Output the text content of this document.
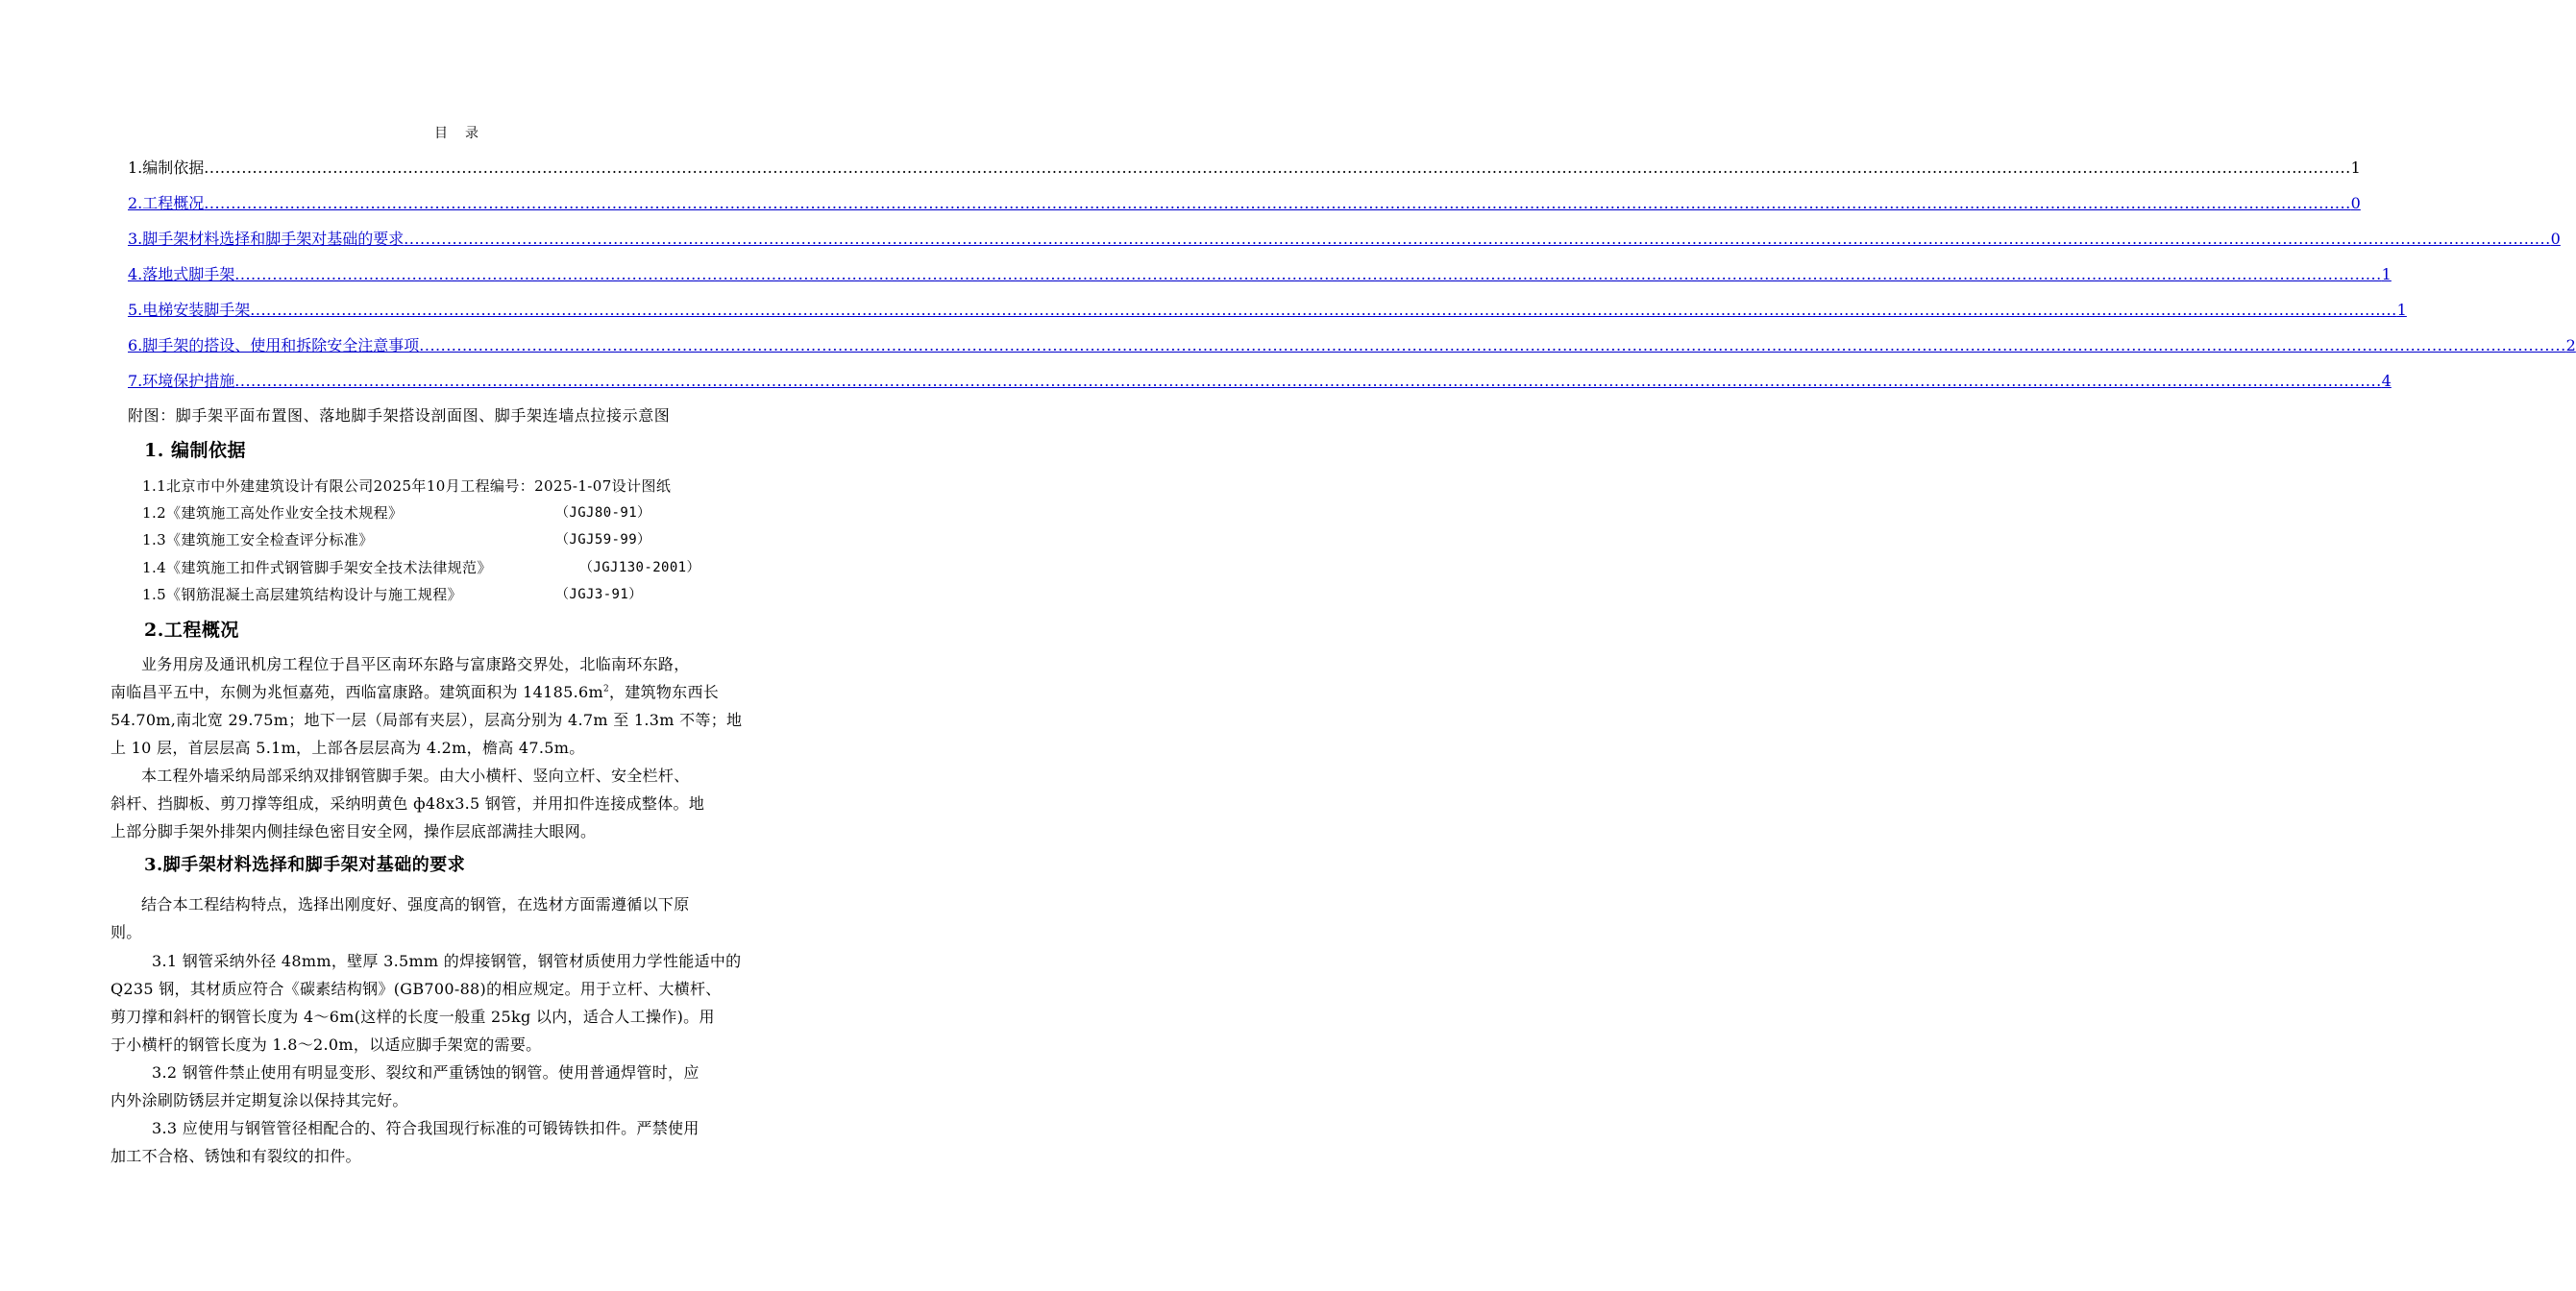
目录
1.编制依据 ................................................................................................................................................................................................................................................................................................................................................................................................................ 1
2.工程概况 ................................................................................................................................................................................................................................................................................................................................................................................................................ 0
3.脚手架材料选择和脚手架对基础的要求 ................................................................................................................................................................................................................................................................................................................................................................................................................ 0
4.落地式脚手架 ................................................................................................................................................................................................................................................................................................................................................................................................................ 1
5.电梯安装脚手架 ................................................................................................................................................................................................................................................................................................................................................................................................................ 1
6.脚手架的搭设、使用和拆除安全注意事项 ................................................................................................................................................................................................................................................................................................................................................................................................................ 2
7.环境保护措施 ................................................................................................................................................................................................................................................................................................................................................................................................................ 4
附图：脚手架平面布置图、落地脚手架搭设剖面图、脚手架连墙点拉接示意图
1. 编制依据
1.1北京市中外建建筑设计有限公司2025年10月工程编号：2025-1-07设计图纸
1.2《建筑施工高处作业安全技术规程》	（JGJ80-91）
1.3《建筑施工安全检查评分标准》	（JGJ59-99）
1.4《建筑施工扣件式钢管脚手架安全技术法律规范》	（JGJ130-2001）
1.5《钢筋混凝土高层建筑结构设计与施工规程》	（JGJ3-91）
2.工程概况
业务用房及通讯机房工程位于昌平区南环东路与富康路交界处，北临南环东路，
南临昌平五中，东侧为兆恒嘉苑，西临富康路。建筑面积为 $14185.6m^2$，建筑物东西长
54.70m,南北宽 29.75m；地下一层（局部有夹层），层高分别为 4.7m 至 1.3m 不等；地
上 10 层，首层层高 5.1m，上部各层层高为 4.2m，檐高 47.5m。
本工程外墙采纳局部采纳双排钢管脚手架。由大小横杆、竖向立杆、安全栏杆、
斜杆、挡脚板、剪刀撑等组成，采纳明黄色 ф48x3.5 钢管，并用扣件连接成整体。地
上部分脚手架外排架内侧挂绿色密目安全网，操作层底部满挂大眼网。
3.脚手架材料选择和脚手架对基础的要求
结合本工程结构特点，选择出刚度好、强度高的钢管，在选材方面需遵循以下原
则。
3.1 钢管采纳外径 48mm，壁厚 3.5mm 的焊接钢管，钢管材质使用力学性能适中的
Q235 钢，其材质应符合《碳素结构钢》(GB700-88)的相应规定。用于立杆、大横杆、
剪刀撑和斜杆的钢管长度为 4～6m(这样的长度一般重 25kg 以内，适合人工操作)。用
于小横杆的钢管长度为 1.8～2.0m，以适应脚手架宽的需要。
3.2 钢管件禁止使用有明显变形、裂纹和严重锈蚀的钢管。使用普通焊管时，应
内外涂刷防锈层并定期复涂以保持其完好。
3.3 应使用与钢管管径相配合的、符合我国现行标准的可锻铸铁扣件。严禁使用
加工不合格、锈蚀和有裂纹的扣件。
